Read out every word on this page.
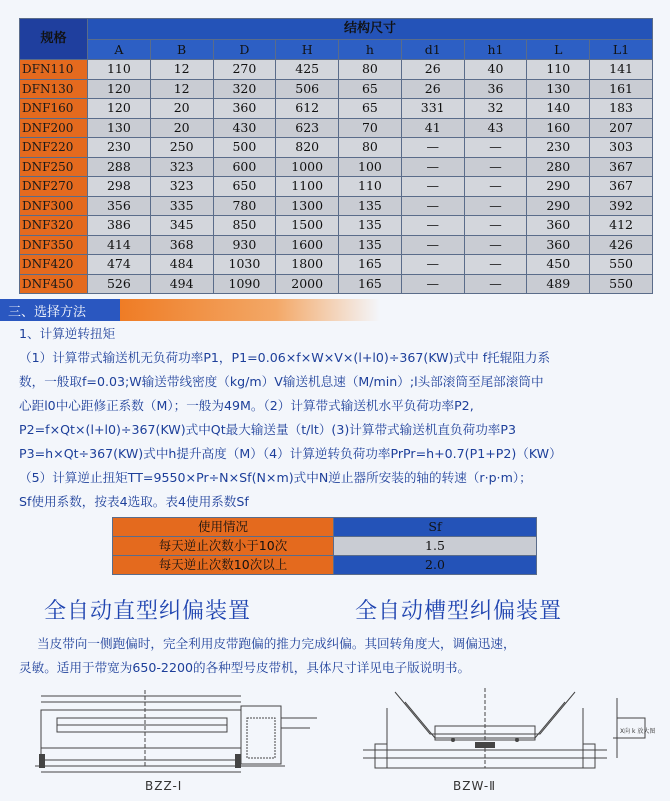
规格	结构尺寸								
	A	B	D	H	h	d1	h1	L	L1
DFN110	110	12	270	425	80	26	40	110	141
DFN130	120	12	320	506	65	26	36	130	161
DNF160	120	20	360	612	65	331	32	140	183
DNF200	130	20	430	623	70	41	43	160	207
DNF220	230	250	500	820	80	—	—	230	303
DNF250	288	323	600	1000	100	—	—	280	367
DNF270	298	323	650	1100	110	—	—	290	367
DNF300	356	335	780	1300	135	—	—	290	392
DNF320	386	345	850	1500	135	—	—	360	412
DNF350	414	368	930	1600	135	—	—	360	426
DNF420	474	484	1030	1800	165	—	—	450	550
DNF450	526	494	1090	2000	165	—	—	489	550
三、选择方法
1、计算逆转扭矩
（1）计算带式输送机无负荷功率P1，P1=0.06×f×W×V×(l+l0)÷367(KW)式中 f托辊阻力系
数，一般取f=0.03;W输送带线密度（kg/m）V输送机息速（M/min）;l头部滚筒至尾部滚筒中
心距l0中心距修正系数（M）；一般为49M。（2）计算带式输送机水平负荷功率P2,
P2=f×Qt×(l+l0)÷367(KW)式中Qt最大输送量（t/lt）(3)计算带式输送机直负荷功率P3
P3=h×Qt÷367(KW)式中h提升高度（M）（4）计算逆转负荷功率PrPr=h+0.7(P1+P2)（KW）
（5）计算逆止扭矩TT=9550×Pr÷N×Sf(N×m)式中N逆止器所安装的轴的转速（r·p·m）；
Sf使用系数，按表4选取。表4使用系数Sf
使用情况	Sf
每天逆止次数小于10次	1.5
每天逆止次数10次以上	2.0
全自动直型纠偏装置	全自动槽型纠偏装置
当皮带向一侧跑偏时，完全利用皮带跑偏的推力完成纠偏。其回转角度大，调偏迅速，
灵敏。适用于带宽为650-2200的各种型号皮带机，具体尺寸详见电子版说明书。
BZZ-Ⅰ
X向 k 放大图
BZW-Ⅱ
